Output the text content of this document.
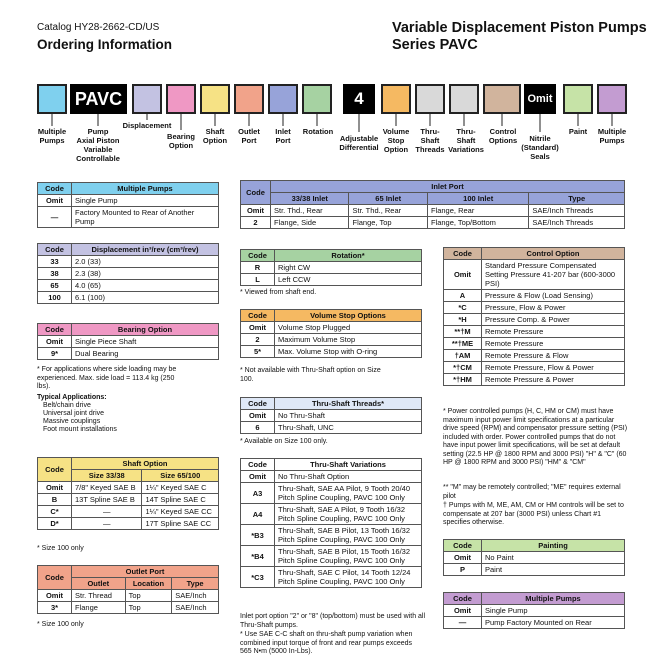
Catalog HY28-2662-CD/US
Ordering Information
Variable Displacement Piston Pumps
Series PAVC
PAVC	4	Omit
Multiple
Pumps
Pump
Axial Piston
Variable
Controllable
Displacement
Bearing
Option
Shaft
Option
Outlet
Port
Inlet
Port
Rotation
Adjustable
Differential
Volume
Stop
Option
Thru-
Shaft
Threads
Thru-
Shaft
Variations
Control
Options	Nitrile
(Standard)
Seals
Paint	Multiple
Pumps
Code	Multiple Pumps
Omit	Single Pump
—	Factory Mounted to Rear of Another Pump
Code	Displacement in³/rev (cm³/rev)
33	2.0 (33)
38	2.3 (38)
65	4.0 (65)
100	6.1 (100)
Code	Bearing Option
Omit	Single Piece Shaft
9*	Dual Bearing
* For applications where side loading may be experienced. Max. side load = 113.4 kg (250 lbs).
Typical Applications:
Belt/chain drive
Universal joint drive
Massive couplings
Foot mount installations
Code	Shaft Option	
	Size 33/38	Size 65/100
Omit	7/8" Keyed SAE B	1¼" Keyed SAE C
B	13T Spline SAE B	14T Spline SAE C
C*	—	1¼" Keyed SAE CC
D*	—	17T Spline SAE CC
* Size 100 only
Code	Outlet Port		
	Outlet	Location	Type
Omit	Str. Thread	Top	SAE/Inch
3*	Flange	Top	SAE/Inch
* Size 100 only
Code	Inlet Port			
	33/38 Inlet	65 Inlet	100 Inlet	Type
Omit	Str. Thd., Rear	Str. Thd., Rear	Flange, Rear	SAE/Inch Threads
2	Flange, Side	Flange, Top	Flange, Top/Bottom	SAE/Inch Threads
Code	Rotation*
R	Right CW
L	Left CCW
* Viewed from shaft end.
Code	Volume Stop Options
Omit	Volume Stop Plugged
2	Maximum Volume Stop
5*	Max. Volume Stop with O-ring
* Not available with Thru-Shaft option on Size 100.
Code	Thru-Shaft Threads*
Omit	No Thru-Shaft
6	Thru-Shaft, UNC
* Available on Size 100 only.
Code	Thru-Shaft Variations
Omit	No Thru-Shaft Option
A3	Thru-Shaft, SAE AA Pilot, 9 Tooth 20/40 Pitch Spline Coupling, PAVC 100 Only
A4	Thru-Shaft, SAE A Pilot, 9 Tooth 16/32 Pitch Spline Coupling, PAVC 100 Only
*B3	Thru-Shaft, SAE B Pilot, 13 Tooth 16/32 Pitch Spline Coupling, PAVC 100 Only
*B4	Thru-Shaft, SAE B Pilot, 15 Tooth 16/32 Pitch Spline Coupling, PAVC 100 Only
*C3	Thru-Shaft, SAE C Pilot, 14 Tooth 12/24 Pitch Spline Coupling, PAVC 100 Only
Inlet port option "2" or "8" (top/bottom) must be used with all Thru-Shaft pumps.
* Use SAE C-C shaft on thru-shaft pump variation when combined input torque of front and rear pumps exceeds 565 N•m (5000 In-Lbs).
Code	Control Option
Omit	Standard Pressure Compensated Setting Pressure 41-207 bar (600-3000 PSI)
A	Pressure & Flow (Load Sensing)
*C	Pressure, Flow & Power
*H	Pressure Comp. & Power
**†M	Remote Pressure
**†ME	Remote Pressure
†AM	Remote Pressure & Flow
*†CM	Remote Pressure, Flow & Power
*†HM	Remote Pressure & Power
* Power controlled pumps (H, C, HM or CM) must have maximum input power limit specifications at a particular drive speed (RPM) and compensator pressure setting (PSI) included with order. Power controlled pumps that do not have input power limit specifications, will be set at default setting (22.5 HP @ 1800 RPM and 3000 PSI) "H" & "C" (60 HP @ 1800 RPM and 3000 PSI) "HM" & "CM"
** "M" may be remotely controlled; "ME" requires external pilot
† Pumps with M, ME, AM, CM or HM controls will be set to compensate at 207 bar (3000 PSI) unless Chart #1 specifies otherwise.
Code	Painting
Omit	No Paint
P	Paint
Code	Multiple Pumps
Omit	Single Pump
—	Pump Factory Mounted on Rear
